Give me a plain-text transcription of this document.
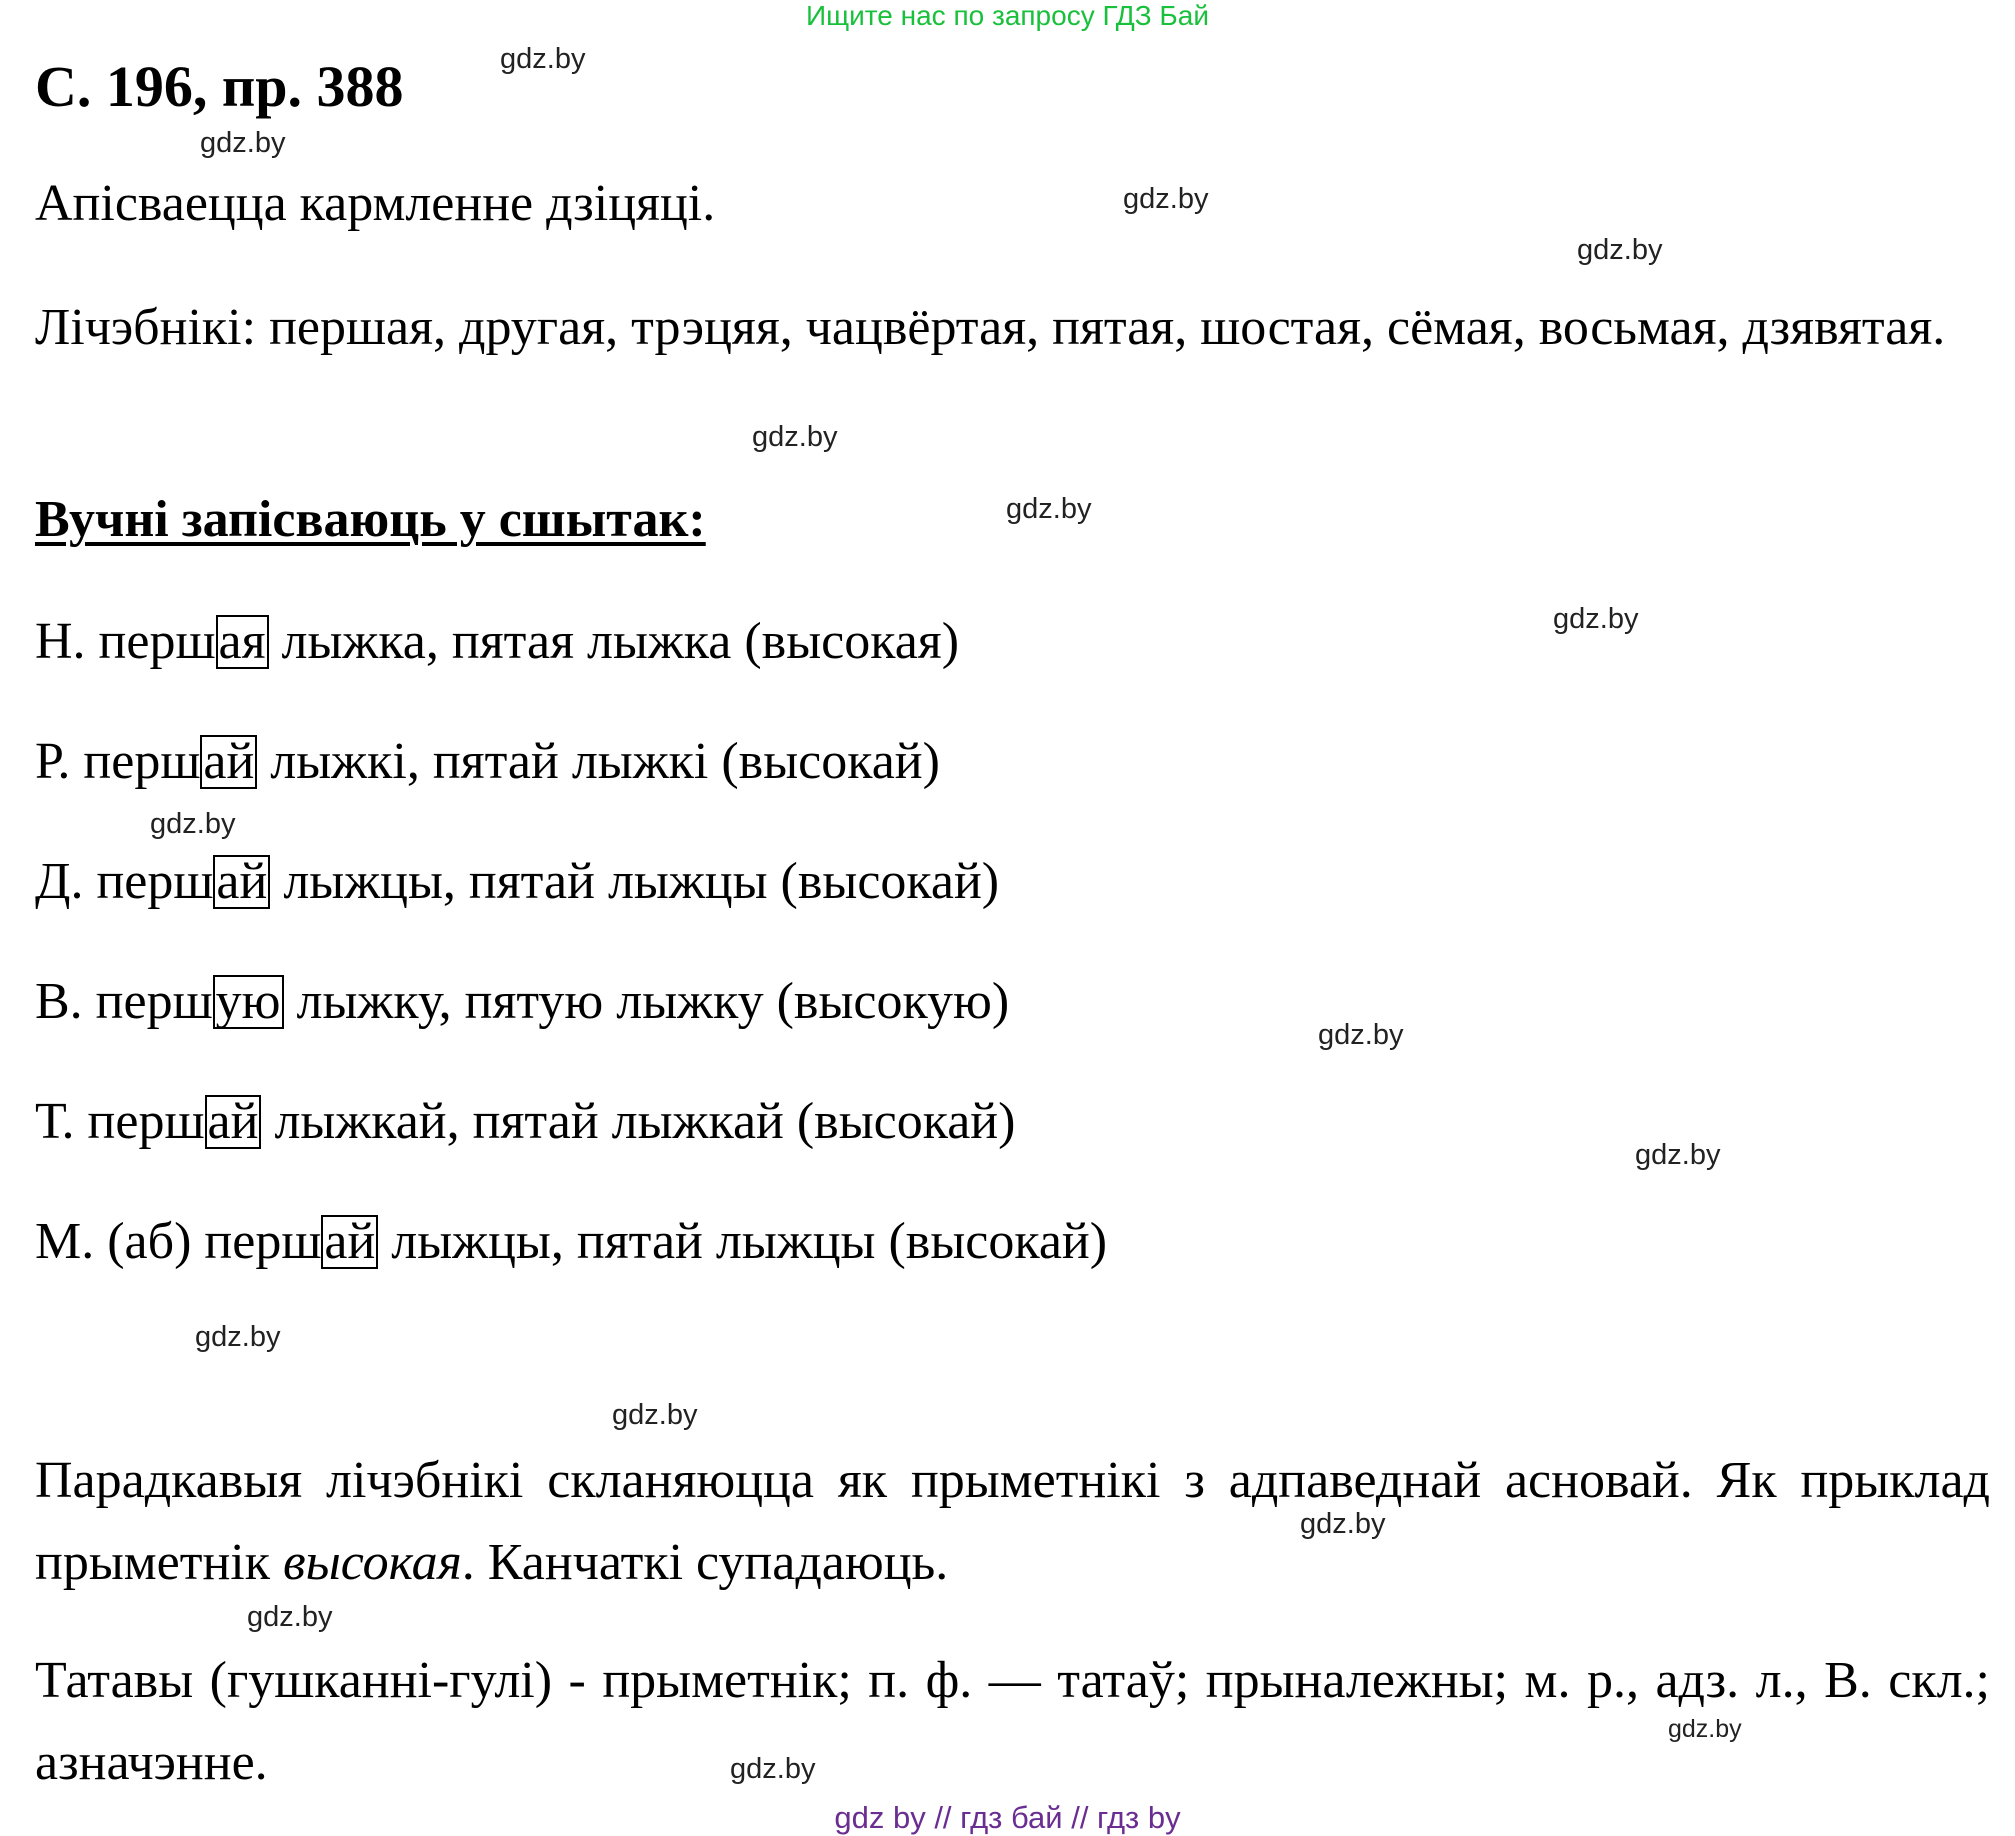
Ищите нас по запросу ГДЗ Бай
С. 196, пр. 388
Апісваецца кармленне дзіцяці.
Лічэбнікі: першая, другая, трэцяя, чацвёртая, пятая, шостая, сёмая, восьмая, дзявятая.
Вучні запісваюць у сшытак:
Н. першая лыжка, пятая лыжка (высокая)
Р. першай лыжкі, пятай лыжкі (высокай)
Д. першай лыжцы, пятай лыжцы (высокай)
В. першую лыжку, пятую лыжку (высокую)
Т. першай лыжкай, пятай лыжкай (высокай)
М. (аб) першай лыжцы, пятай лыжцы (высокай)
Парадкавыя лічэбнікі скланяюцца як прыметнікі з адпаведнай асновай. Як прыклад прыметнік высокая. Канчаткі супадаюць.
Татавы (гушканні-гулі) - прыметнік; п. ф. — татаў; прыналежны; м. р., адз. л., В. скл.; азначэнне.
gdz.by
gdz.by
gdz.by
gdz.by
gdz.by
gdz.by
gdz.by
gdz.by
gdz.by
gdz.by
gdz.by
gdz.by
gdz.by
gdz.by
gdz.by
gdz.by
gdz by // гдз бай // гдз by
